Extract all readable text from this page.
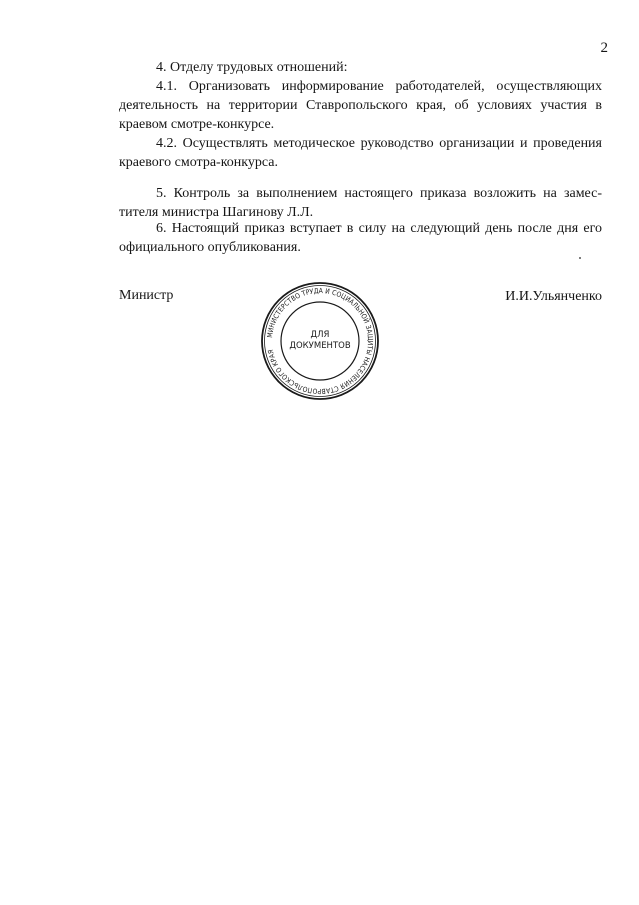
2

4. Отделу трудовых отношений:

4.1. Организовать информирование работодателей, осуществляющих деятельность на территории Ставропольского края, об условиях участия в краевом смотре-конкурсе.

4.2. Осуществлять методическое руководство организации и проведения краевого смотра-конкурса.

5. Контроль за выполнением настоящего приказа возложить на заместителя министра Шагинову Л.Л.

6. Настоящий приказ вступает в силу на следующий день после дня его официального опубликования.

Министр	И.И.Ульянченко
МИНИСТЕРСТВО ТРУДА И СОЦИАЛЬНОЙ ЗАЩИТЫ НАСЕЛЕНИЯ СТАВРОПОЛЬСКОГО КРАЯ
ДЛЯ
ДОКУМЕНТОВ
